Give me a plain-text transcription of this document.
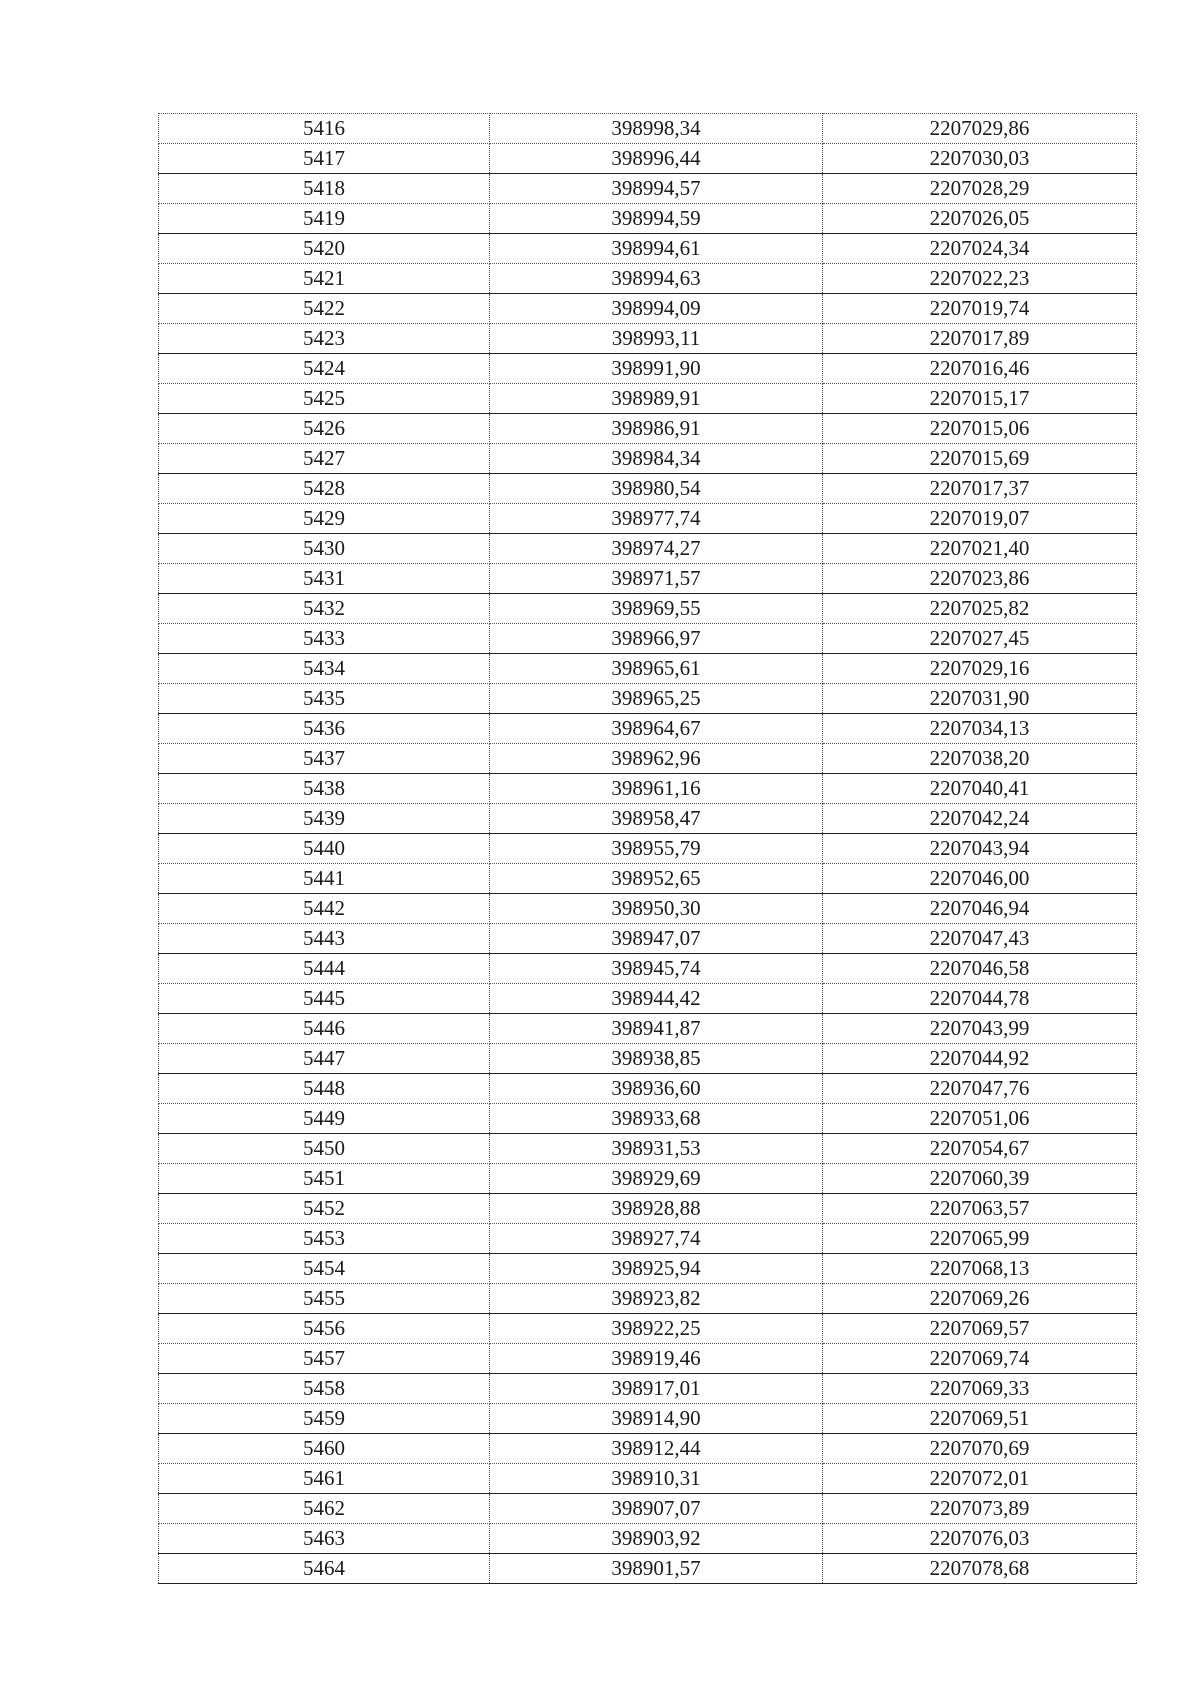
5416	398998,34	2207029,86
5417	398996,44	2207030,03
5418	398994,57	2207028,29
5419	398994,59	2207026,05
5420	398994,61	2207024,34
5421	398994,63	2207022,23
5422	398994,09	2207019,74
5423	398993,11	2207017,89
5424	398991,90	2207016,46
5425	398989,91	2207015,17
5426	398986,91	2207015,06
5427	398984,34	2207015,69
5428	398980,54	2207017,37
5429	398977,74	2207019,07
5430	398974,27	2207021,40
5431	398971,57	2207023,86
5432	398969,55	2207025,82
5433	398966,97	2207027,45
5434	398965,61	2207029,16
5435	398965,25	2207031,90
5436	398964,67	2207034,13
5437	398962,96	2207038,20
5438	398961,16	2207040,41
5439	398958,47	2207042,24
5440	398955,79	2207043,94
5441	398952,65	2207046,00
5442	398950,30	2207046,94
5443	398947,07	2207047,43
5444	398945,74	2207046,58
5445	398944,42	2207044,78
5446	398941,87	2207043,99
5447	398938,85	2207044,92
5448	398936,60	2207047,76
5449	398933,68	2207051,06
5450	398931,53	2207054,67
5451	398929,69	2207060,39
5452	398928,88	2207063,57
5453	398927,74	2207065,99
5454	398925,94	2207068,13
5455	398923,82	2207069,26
5456	398922,25	2207069,57
5457	398919,46	2207069,74
5458	398917,01	2207069,33
5459	398914,90	2207069,51
5460	398912,44	2207070,69
5461	398910,31	2207072,01
5462	398907,07	2207073,89
5463	398903,92	2207076,03
5464	398901,57	2207078,68
